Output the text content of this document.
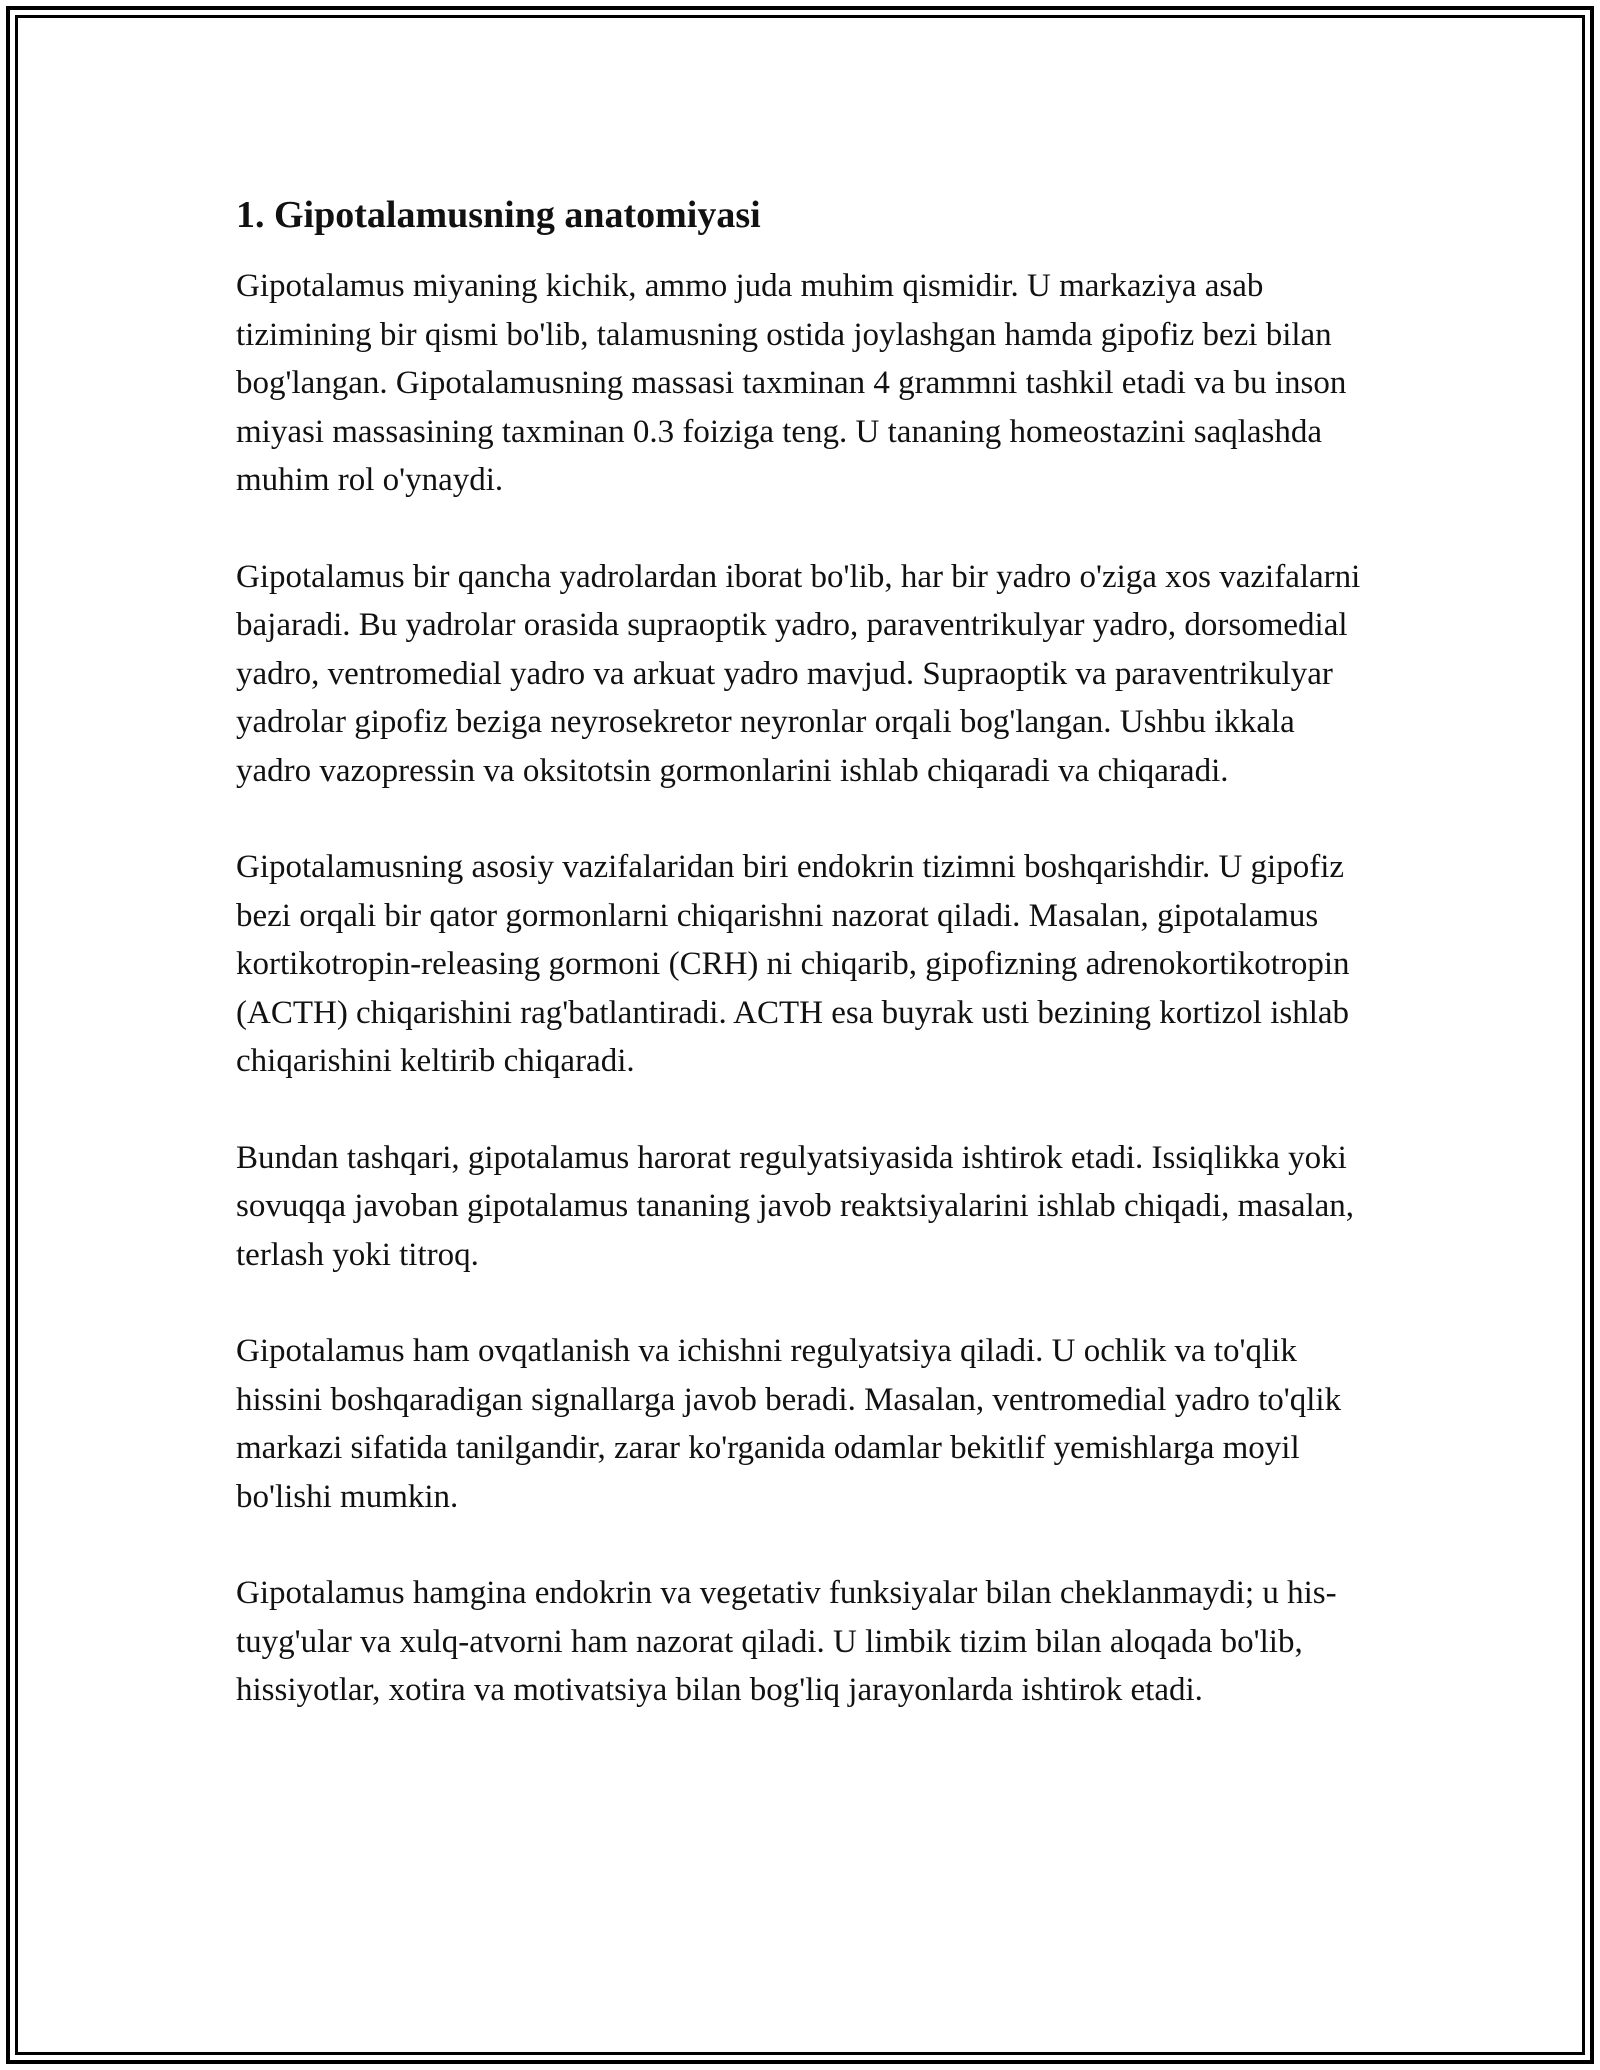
1. Gipotalamusning anatomiyasi

Gipotalamus miyaning kichik, ammo juda muhim qismidir. U markaziya asab tizimining bir qismi bo'lib, talamusning ostida joylashgan hamda gipofiz bezi bilan bog'langan. Gipotalamusning massasi taxminan 4 grammni tashkil etadi va bu inson miyasi massasining taxminan 0.3 foiziga teng. U tananing homeostazini saqlashda muhim rol o'ynaydi.

Gipotalamus bir qancha yadrolardan iborat bo'lib, har bir yadro o'ziga xos vazifalarni bajaradi. Bu yadrolar orasida supraoptik yadro, paraventrikulyar yadro, dorsomedial yadro, ventromedial yadro va arkuat yadro mavjud. Supraoptik va paraventrikulyar yadrolar gipofiz beziga neyrosekretor neyronlar orqali bog'langan. Ushbu ikkala yadro vazopressin va oksitotsin gormonlarini ishlab chiqaradi va chiqaradi.

Gipotalamusning asosiy vazifalaridan biri endokrin tizimni boshqarishdir. U gipofiz bezi orqali bir qator gormonlarni chiqarishni nazorat qiladi. Masalan, gipotalamus kortikotropin-releasing gormoni (CRH) ni chiqarib, gipofizning adrenokortikotropin (ACTH) chiqarishini rag'batlantiradi. ACTH esa buyrak usti bezining kortizol ishlab chiqarishini keltirib chiqaradi.

Bundan tashqari, gipotalamus harorat regulyatsiyasida ishtirok etadi. Issiqlikka yoki sovuqqa javoban gipotalamus tananing javob reaktsiyalarini ishlab chiqadi, masalan, terlash yoki titroq.

Gipotalamus ham ovqatlanish va ichishni regulyatsiya qiladi. U ochlik va to'qlik hissini boshqaradigan signallarga javob beradi. Masalan, ventromedial yadro to'qlik markazi sifatida tanilgandir, zarar ko'rganida odamlar bekitlif yemishlarga moyil bo'lishi mumkin.

Gipotalamus hamgina endokrin va vegetativ funksiyalar bilan cheklanmaydi; u his-tuyg'ular va xulq-atvorni ham nazorat qiladi. U limbik tizim bilan aloqada bo'lib, hissiyotlar, xotira va motivatsiya bilan bog'liq jarayonlarda ishtirok etadi.
